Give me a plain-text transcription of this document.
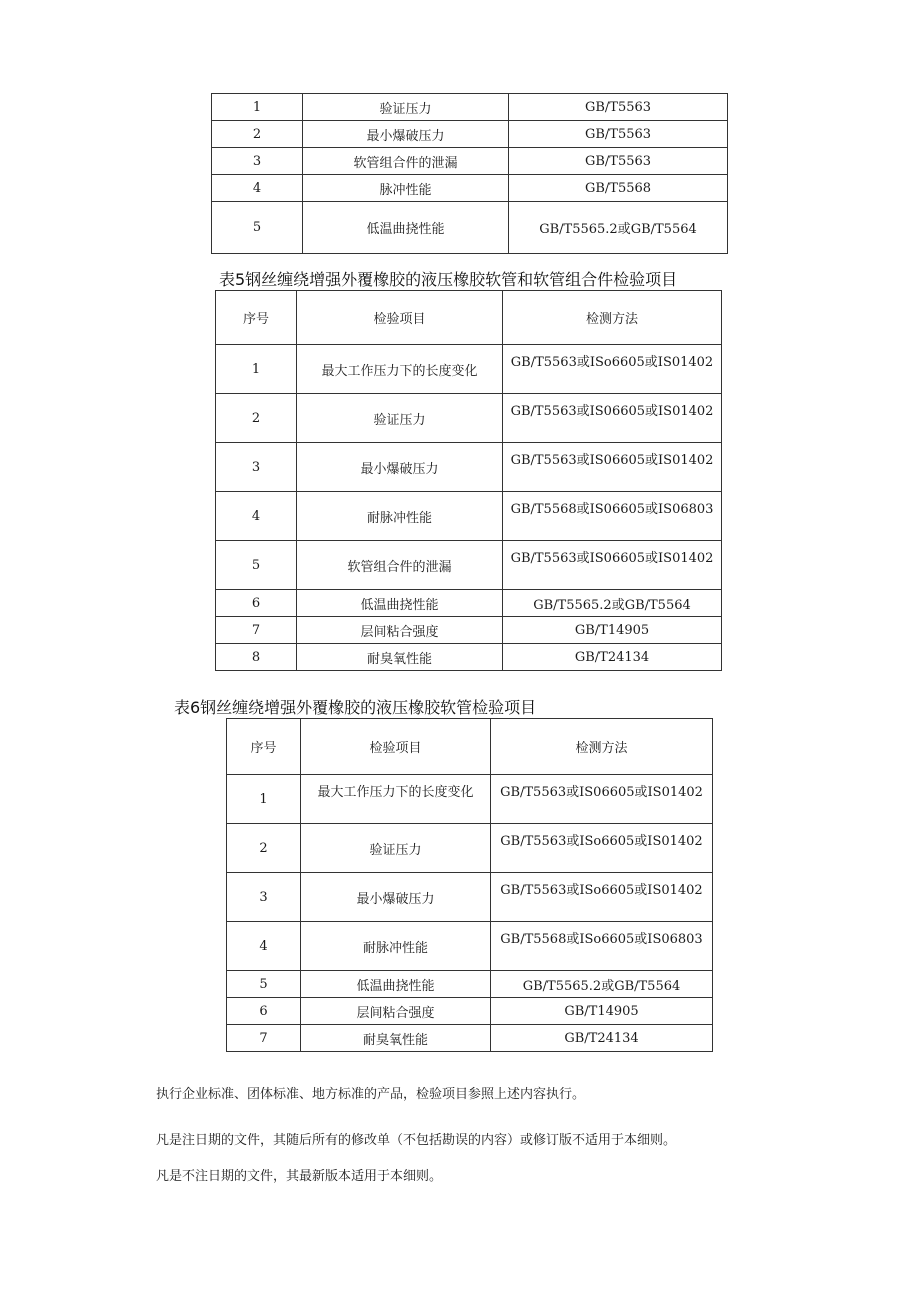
1	验证压力	GB/T5563
2	最小爆破压力	GB/T5563
3	软管组合件的泄漏	GB/T5563
4	脉冲性能	GB/T5568
5	低温曲挠性能	GB/T5565.2或GB/T5564
表5钢丝缠绕增强外覆橡胶的液压橡胶软管和软管组合件检验项目
序号	检验项目	检测方法
1	最大工作压力下的长度变化	GB/T5563或ISo6605或IS01402
2	验证压力	GB/T5563或IS06605或IS01402
3	最小爆破压力	GB/T5563或IS06605或IS01402
4	耐脉冲性能	GB/T5568或IS06605或IS06803
5	软管组合件的泄漏	GB/T5563或IS06605或IS01402
6	低温曲挠性能	GB/T5565.2或GB/T5564
7	层间粘合强度	GB/T14905
8	耐臭氧性能	GB/T24134
表6钢丝缠绕增强外覆橡胶的液压橡胶软管检验项目
序号	检验项目	检测方法
1	最大工作压力下的长度变化	GB/T5563或IS06605或IS01402
2	验证压力	GB/T5563或ISo6605或IS01402
3	最小爆破压力	GB/T5563或ISo6605或IS01402
4	耐脉冲性能	GB/T5568或ISo6605或IS06803
5	低温曲挠性能	GB/T5565.2或GB/T5564
6	层间粘合强度	GB/T14905
7	耐臭氧性能	GB/T24134
执行企业标准、团体标准、地方标准的产品，检验项目参照上述内容执行。
凡是注日期的文件，其随后所有的修改单（不包括勘误的内容）或修订版不适用于本细则。
凡是不注日期的文件，其最新版本适用于本细则。
